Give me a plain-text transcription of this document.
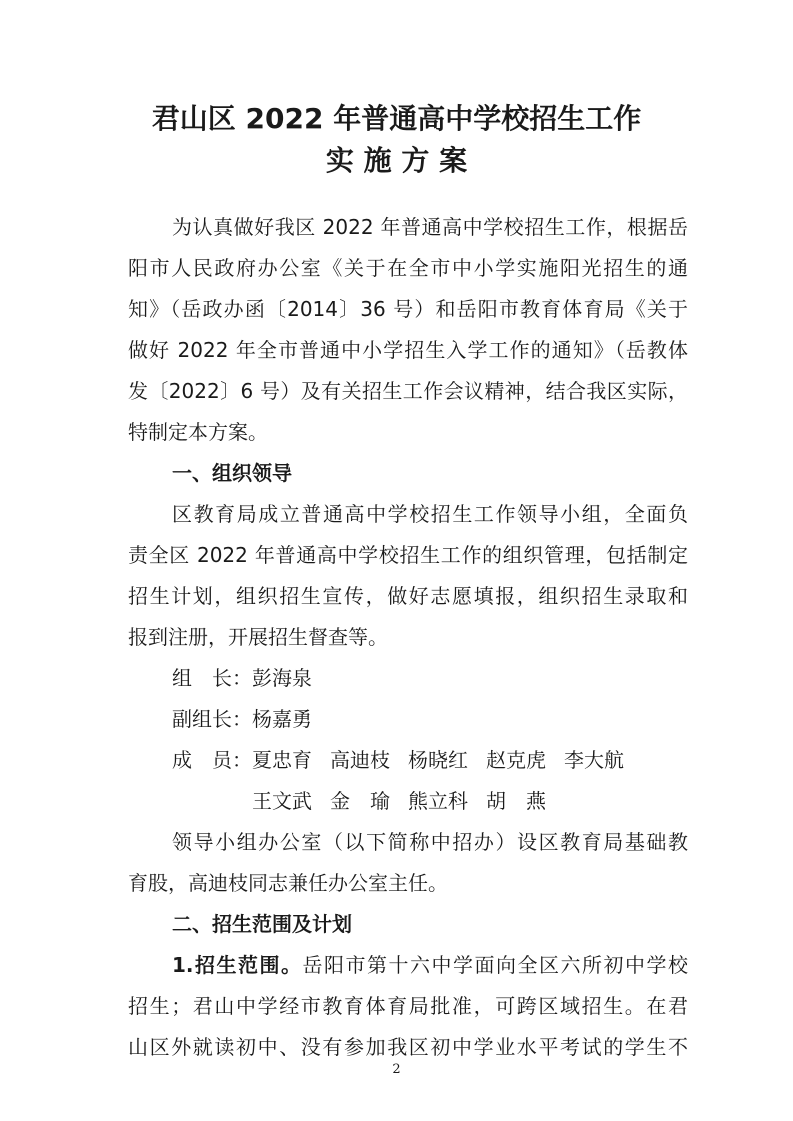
君山区 2022 年普通高中学校招生工作
实 施 方 案
为认真做好我区 2022 年普通高中学校招生工作，根据岳
阳市人民政府办公室《关于在全市中小学实施阳光招生的通
知》（岳政办函〔2014〕36 号）和岳阳市教育体育局《关于
做好 2022 年全市普通中小学招生入学工作的通知》（岳教体
发〔2022〕6 号）及有关招生工作会议精神，结合我区实际，
特制定本方案。
一、组织领导
区教育局成立普通高中学校招生工作领导小组，全面负
责全区 2022 年普通高中学校招生工作的组织管理，包括制定
招生计划，组织招生宣传，做好志愿填报，组织招生录取和
报到注册，开展招生督查等。
组　长：彭海泉
副组长：杨嘉勇
成　员：夏忠育 高迪枝 杨晓红 赵克虎 李大航
王文武 金　瑜 熊立科 胡　燕
领导小组办公室（以下简称中招办）设区教育局基础教
育股，高迪枝同志兼任办公室主任。
二、招生范围及计划
1.招生范围。岳阳市第十六中学面向全区六所初中学校
招生；君山中学经市教育体育局批准，可跨区域招生。在君
山区外就读初中、没有参加我区初中学业水平考试的学生不
2
